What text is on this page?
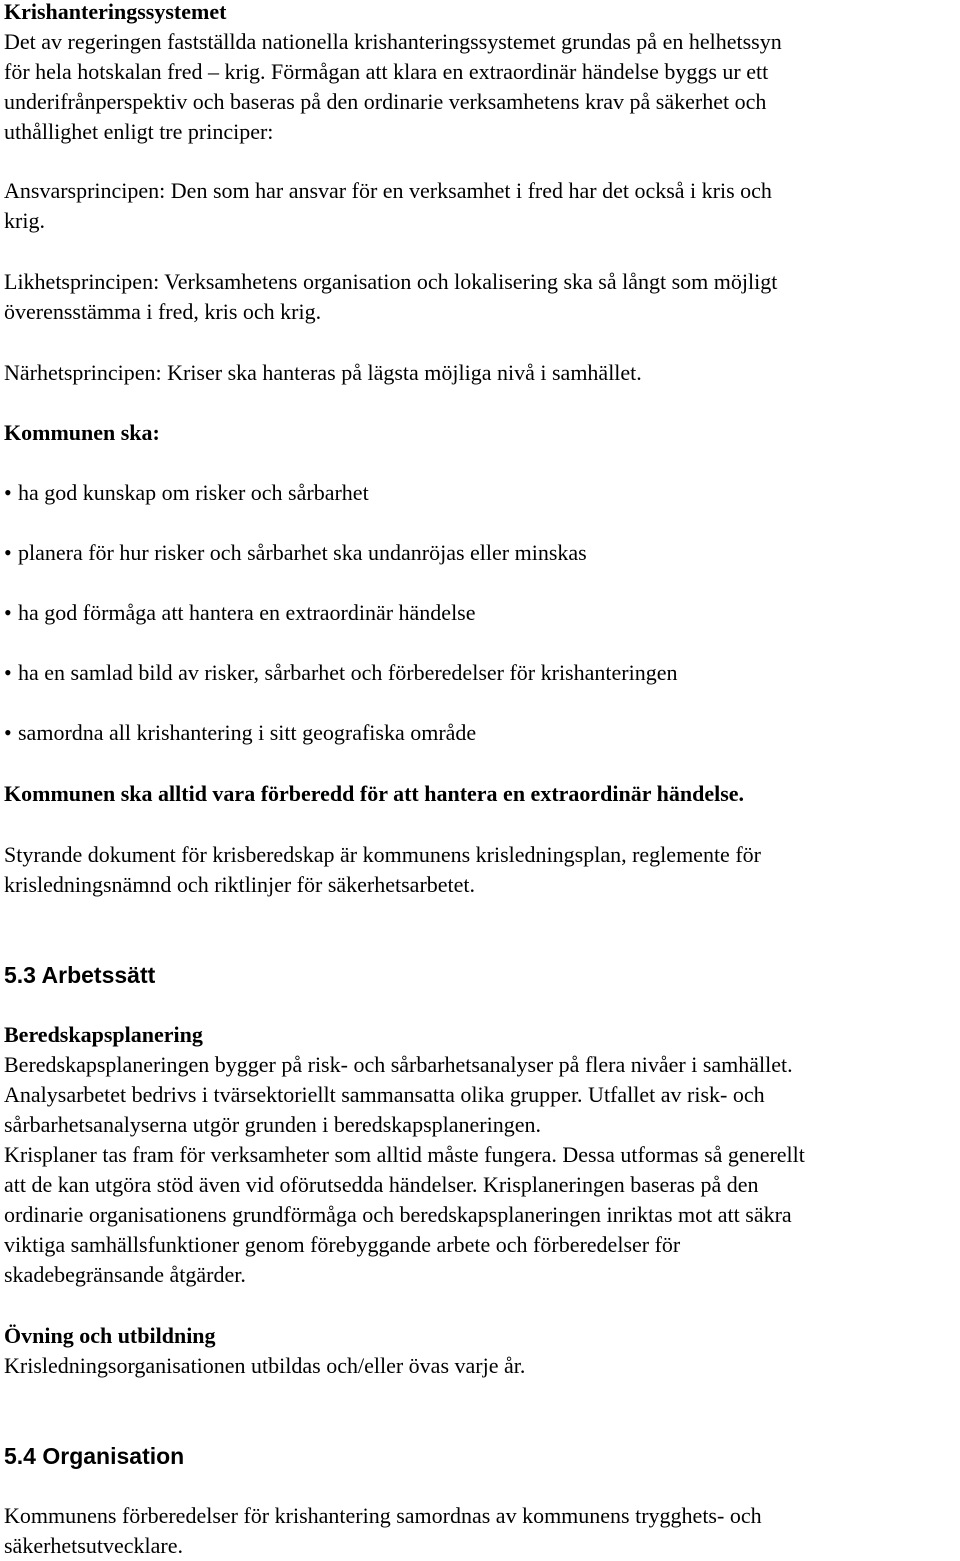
Krishanteringssystemet
Det av regeringen fastställda nationella krishanteringssystemet grundas på en helhetssyn
för hela hotskalan fred – krig. Förmågan att klara en extraordinär händelse byggs ur ett
underifrånperspektiv och baseras på den ordinarie verksamhetens krav på säkerhet och
uthållighet enligt tre principer:
Ansvarsprincipen: Den som har ansvar för en verksamhet i fred har det också i kris och
krig.
Likhetsprincipen: Verksamhetens organisation och lokalisering ska så långt som möjligt
överensstämma i fred, kris och krig.
Närhetsprincipen: Kriser ska hanteras på lägsta möjliga nivå i samhället.
Kommunen ska:
• ha god kunskap om risker och sårbarhet
• planera för hur risker och sårbarhet ska undanröjas eller minskas
• ha god förmåga att hantera en extraordinär händelse
• ha en samlad bild av risker, sårbarhet och förberedelser för krishanteringen
• samordna all krishantering i sitt geografiska område
Kommunen ska alltid vara förberedd för att hantera en extraordinär händelse.
Styrande dokument för krisberedskap är kommunens krisledningsplan, reglemente för
krisledningsnämnd och riktlinjer för säkerhetsarbetet.
5.3 Arbetssätt
Beredskapsplanering
Beredskapsplaneringen bygger på risk- och sårbarhetsanalyser på flera nivåer i samhället.
Analysarbetet bedrivs i tvärsektoriellt sammansatta olika grupper. Utfallet av risk- och
sårbarhetsanalyserna utgör grunden i beredskapsplaneringen.
Krisplaner tas fram för verksamheter som alltid måste fungera. Dessa utformas så generellt
att de kan utgöra stöd även vid oförutsedda händelser. Krisplaneringen baseras på den
ordinarie organisationens grundförmåga och beredskapsplaneringen inriktas mot att säkra
viktiga samhällsfunktioner genom förebyggande arbete och förberedelser för
skadebegränsande åtgärder.
Övning och utbildning
Krisledningsorganisationen utbildas och/eller övas varje år.
5.4 Organisation
Kommunens förberedelser för krishantering samordnas av kommunens trygghets- och
säkerhetsutvecklare.
